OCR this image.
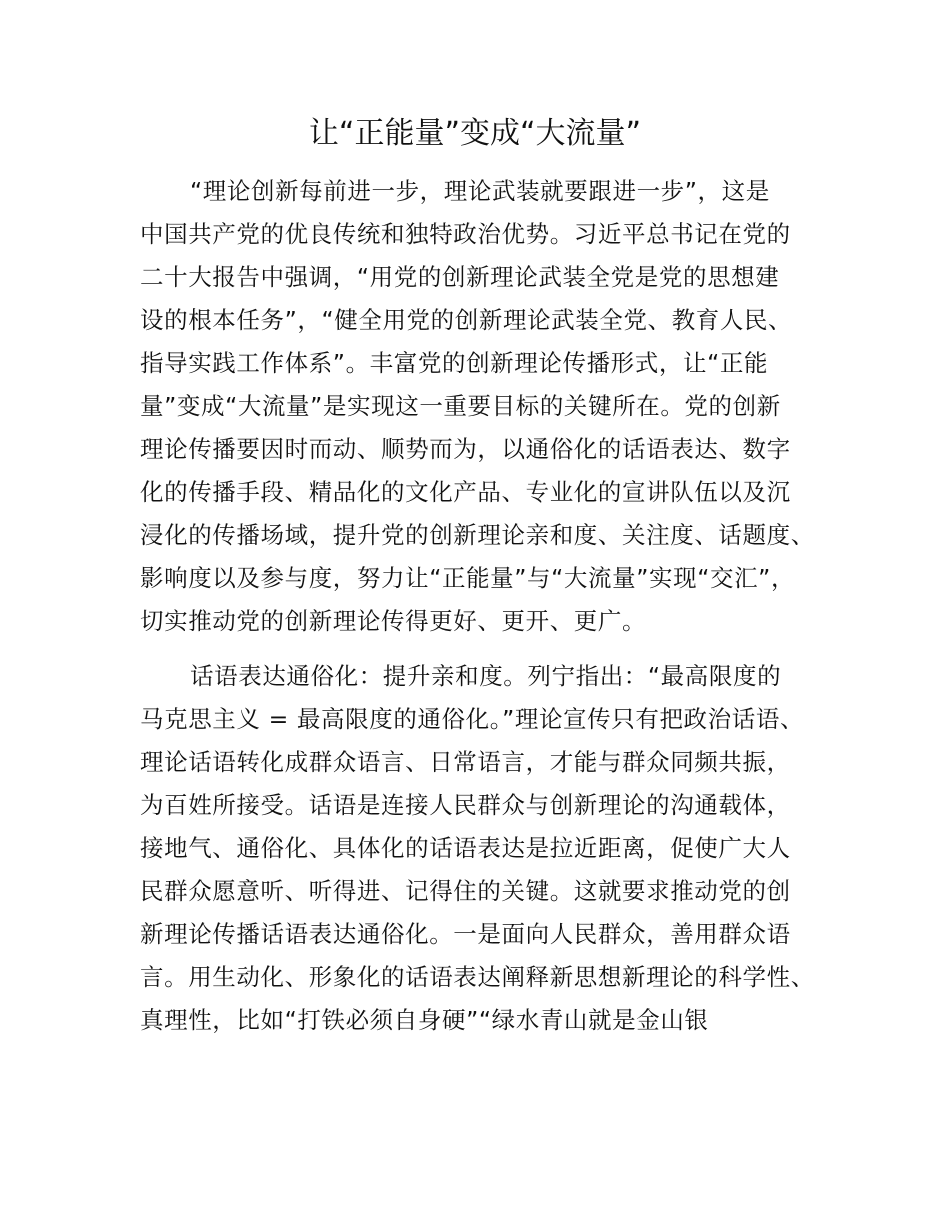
让“正能量”变成“大流量”
“理论创新每前进一步，理论武装就要跟进一步”，这是
中国共产党的优良传统和独特政治优势。习近平总书记在党的
二十大报告中强调，“用党的创新理论武装全党是党的思想建
设的根本任务”，“健全用党的创新理论武装全党、教育人民、
指导实践工作体系”。丰富党的创新理论传播形式，让“正能
量”变成“大流量”是实现这一重要目标的关键所在。党的创新
理论传播要因时而动、顺势而为，以通俗化的话语表达、数字
化的传播手段、精品化的文化产品、专业化的宣讲队伍以及沉
浸化的传播场域，提升党的创新理论亲和度、关注度、话题度、
影响度以及参与度，努力让“正能量”与“大流量”实现“交汇”，
切实推动党的创新理论传得更好、更开、更广。
话语表达通俗化：提升亲和度。列宁指出：“最高限度的
马克思主义 = 最高限度的通俗化。”理论宣传只有把政治话语、
理论话语转化成群众语言、日常语言，才能与群众同频共振，
为百姓所接受。话语是连接人民群众与创新理论的沟通载体，
接地气、通俗化、具体化的话语表达是拉近距离，促使广大人
民群众愿意听、听得进、记得住的关键。这就要求推动党的创
新理论传播话语表达通俗化。一是面向人民群众，善用群众语
言。用生动化、形象化的话语表达阐释新思想新理论的科学性、
真理性，比如“打铁必须自身硬”“绿水青山就是金山银
